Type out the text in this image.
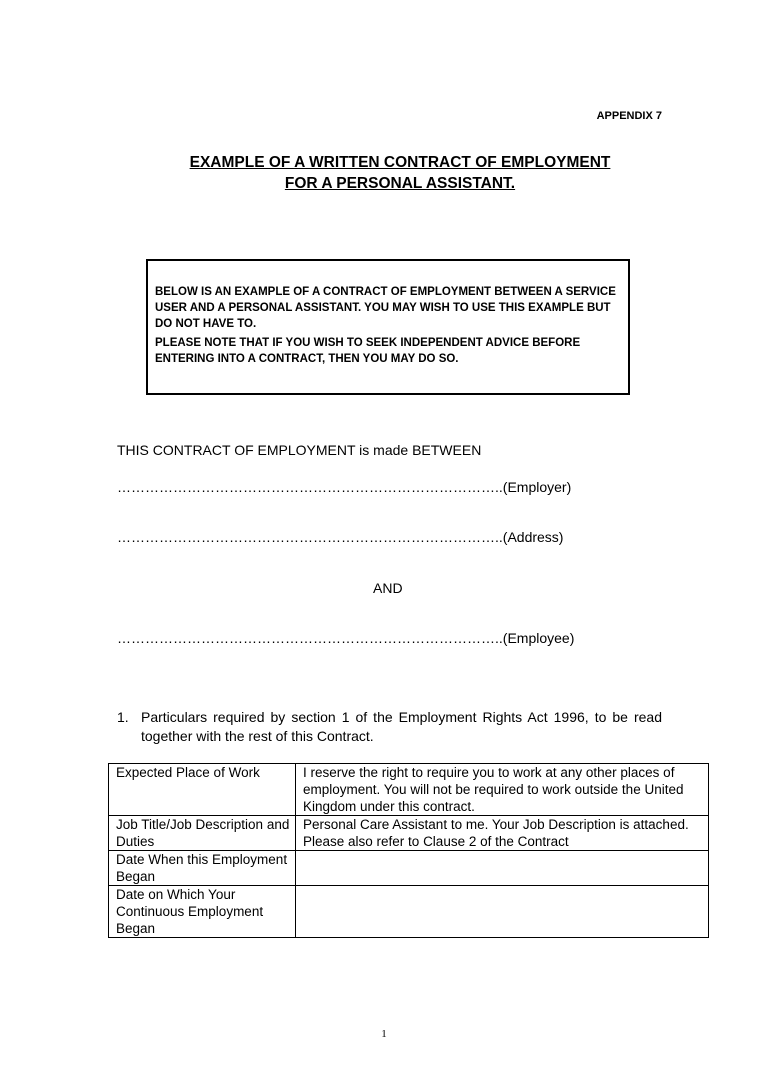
APPENDIX 7
EXAMPLE OF A WRITTEN CONTRACT OF EMPLOYMENT
FOR A PERSONAL ASSISTANT.

BELOW IS AN EXAMPLE OF A CONTRACT OF EMPLOYMENT BETWEEN A SERVICE USER AND A PERSONAL ASSISTANT. YOU MAY WISH TO USE THIS EXAMPLE BUT DO NOT HAVE TO.

PLEASE NOTE THAT IF YOU WISH TO SEEK INDEPENDENT ADVICE BEFORE ENTERING INTO A CONTRACT, THEN YOU MAY DO SO.

THIS CONTRACT OF EMPLOYMENT is made BETWEEN
………………………………………………………………………..(Employer)
………………………………………………………………………..(Address)
AND
………………………………………………………………………..(Employee)
1. Particulars required by section 1 of the Employment Rights Act 1996, to be read together with the rest of this Contract.
Expected Place of Work	I reserve the right to require you to work at any other places of employment. You will not be required to work outside the United Kingdom under this contract.
Job Title/Job Description and Duties	Personal Care Assistant to me. Your Job Description is attached. Please also refer to Clause 2 of the Contract
Date When this Employment Began	
Date on Which Your Continuous Employment Began	
1
